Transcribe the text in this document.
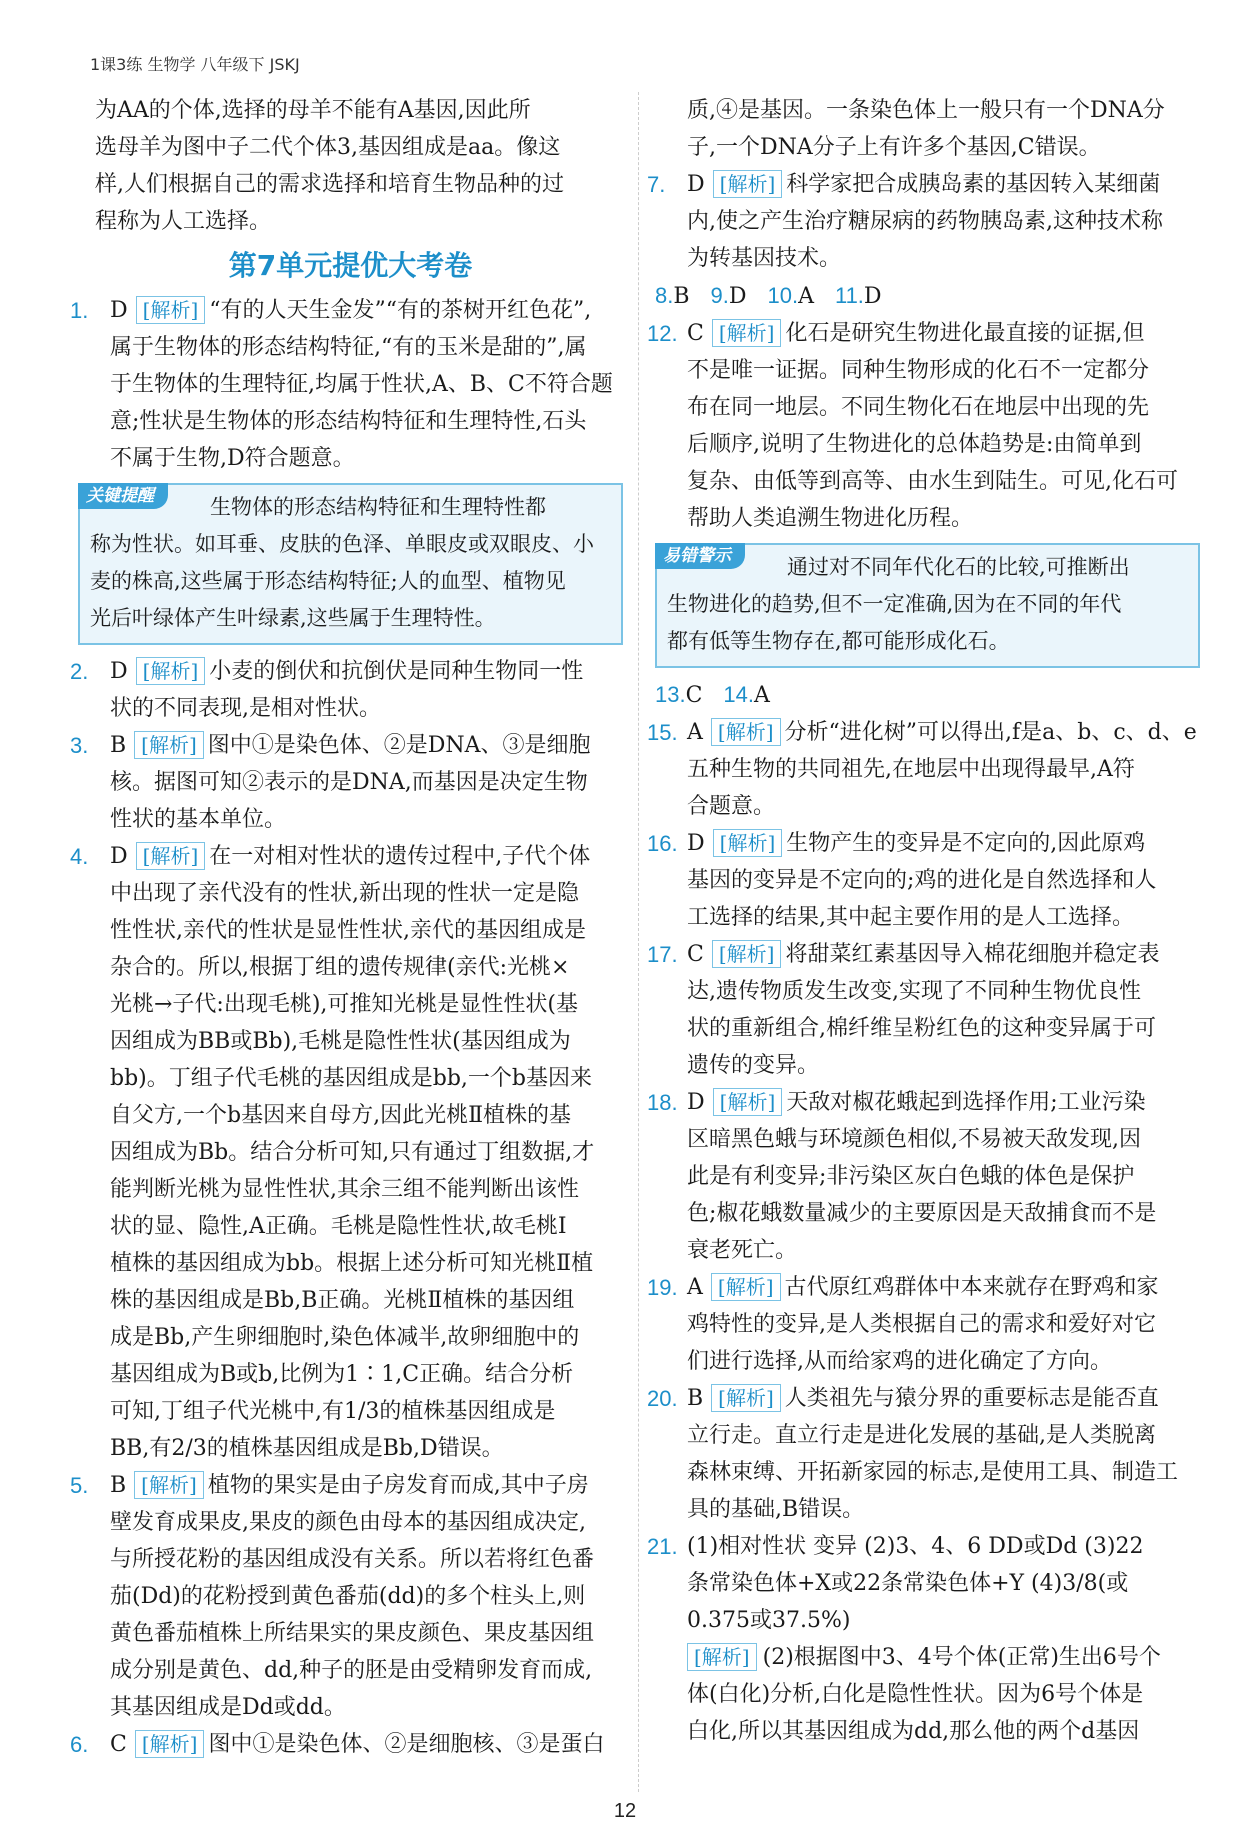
1课3练 生物学 八年级下 JSKJ

为AA的个体,选择的母羊不能有A基因,因此所

选母羊为图中子二代个体3,基因组成是aa。像这

样,人们根据自己的需求选择和培育生物品种的过

程称为人工选择。

第7单元提优大考卷
1. D [解析] “有的人天生金发”“有的茶树开红色花”,

属于生物体的形态结构特征,“有的玉米是甜的”,属

于生物体的生理特征,均属于性状,A、B、C不符合题

意;性状是生物体的形态结构特征和生理特性,石头

不属于生物,D符合题意。

关键提醒	生物体的形态结构特征和生理特性都

称为性状。如耳垂、皮肤的色泽、单眼皮或双眼皮、小

麦的株高,这些属于形态结构特征;人的血型、植物见

光后叶绿体产生叶绿素,这些属于生理特性。

2. D [解析] 小麦的倒伏和抗倒伏是同种生物同一性

状的不同表现,是相对性状。

3. B [解析] 图中①是染色体、②是DNA、③是细胞

核。据图可知②表示的是DNA,而基因是决定生物

性状的基本单位。

4. D [解析] 在一对相对性状的遗传过程中,子代个体

中出现了亲代没有的性状,新出现的性状一定是隐

性性状,亲代的性状是显性性状,亲代的基因组成是

杂合的。所以,根据丁组的遗传规律(亲代:光桃×

光桃→子代:出现毛桃),可推知光桃是显性性状(基

因组成为BB或Bb),毛桃是隐性性状(基因组成为

bb)。丁组子代毛桃的基因组成是bb,一个b基因来

自父方,一个b基因来自母方,因此光桃Ⅱ植株的基

因组成为Bb。结合分析可知,只有通过丁组数据,才

能判断光桃为显性性状,其余三组不能判断出该性

状的显、隐性,A正确。毛桃是隐性性状,故毛桃Ⅰ

植株的基因组成为bb。根据上述分析可知光桃Ⅱ植

株的基因组成是Bb,B正确。光桃Ⅱ植株的基因组

成是Bb,产生卵细胞时,染色体减半,故卵细胞中的

基因组成为B或b,比例为1∶1,C正确。结合分析

可知,丁组子代光桃中,有1/3的植株基因组成是

BB,有2/3的植株基因组成是Bb,D错误。

5. B [解析] 植物的果实是由子房发育而成,其中子房

壁发育成果皮,果皮的颜色由母本的基因组成决定,

与所授花粉的基因组成没有关系。所以若将红色番

茄(Dd)的花粉授到黄色番茄(dd)的多个柱头上,则

黄色番茄植株上所结果实的果皮颜色、果皮基因组

成分别是黄色、dd,种子的胚是由受精卵发育而成,

其基因组成是Dd或dd。

6. C [解析] 图中①是染色体、②是细胞核、③是蛋白

质,④是基因。一条染色体上一般只有一个DNA分

子,一个DNA分子上有许多个基因,C错误。

7. D [解析] 科学家把合成胰岛素的基因转入某细菌

内,使之产生治疗糖尿病的药物胰岛素,这种技术称

为转基因技术。

8.B 9.D 10.A 11.D
12. C [解析] 化石是研究生物进化最直接的证据,但

不是唯一证据。同种生物形成的化石不一定都分

布在同一地层。不同生物化石在地层中出现的先

后顺序,说明了生物进化的总体趋势是:由简单到

复杂、由低等到高等、由水生到陆生。可见,化石可

帮助人类追溯生物进化历程。

易错警示	通过对不同年代化石的比较,可推断出

生物进化的趋势,但不一定准确,因为在不同的年代

都有低等生物存在,都可能形成化石。

13.C 14.A
15. A [解析] 分析“进化树”可以得出,f是a、b、c、d、e

五种生物的共同祖先,在地层中出现得最早,A符

合题意。

16. D [解析] 生物产生的变异是不定向的,因此原鸡

基因的变异是不定向的;鸡的进化是自然选择和人

工选择的结果,其中起主要作用的是人工选择。

17. C [解析] 将甜菜红素基因导入棉花细胞并稳定表

达,遗传物质发生改变,实现了不同种生物优良性

状的重新组合,棉纤维呈粉红色的这种变异属于可

遗传的变异。

18. D [解析] 天敌对椒花蛾起到选择作用;工业污染

区暗黑色蛾与环境颜色相似,不易被天敌发现,因

此是有利变异;非污染区灰白色蛾的体色是保护

色;椒花蛾数量减少的主要原因是天敌捕食而不是

衰老死亡。

19. A [解析] 古代原红鸡群体中本来就存在野鸡和家

鸡特性的变异,是人类根据自己的需求和爱好对它

们进行选择,从而给家鸡的进化确定了方向。

20. B [解析] 人类祖先与猿分界的重要标志是能否直

立行走。直立行走是进化发展的基础,是人类脱离

森林束缚、开拓新家园的标志,是使用工具、制造工

具的基础,B错误。

21. (1)相对性状 变异 (2)3、4、6 DD或Dd (3)22

条常染色体+X或22条常染色体+Y (4)3/8(或

0.375或37.5%)

[解析] (2)根据图中3、4号个体(正常)生出6号个

体(白化)分析,白化是隐性性状。因为6号个体是

白化,所以其基因组成为dd,那么他的两个d基因

12
